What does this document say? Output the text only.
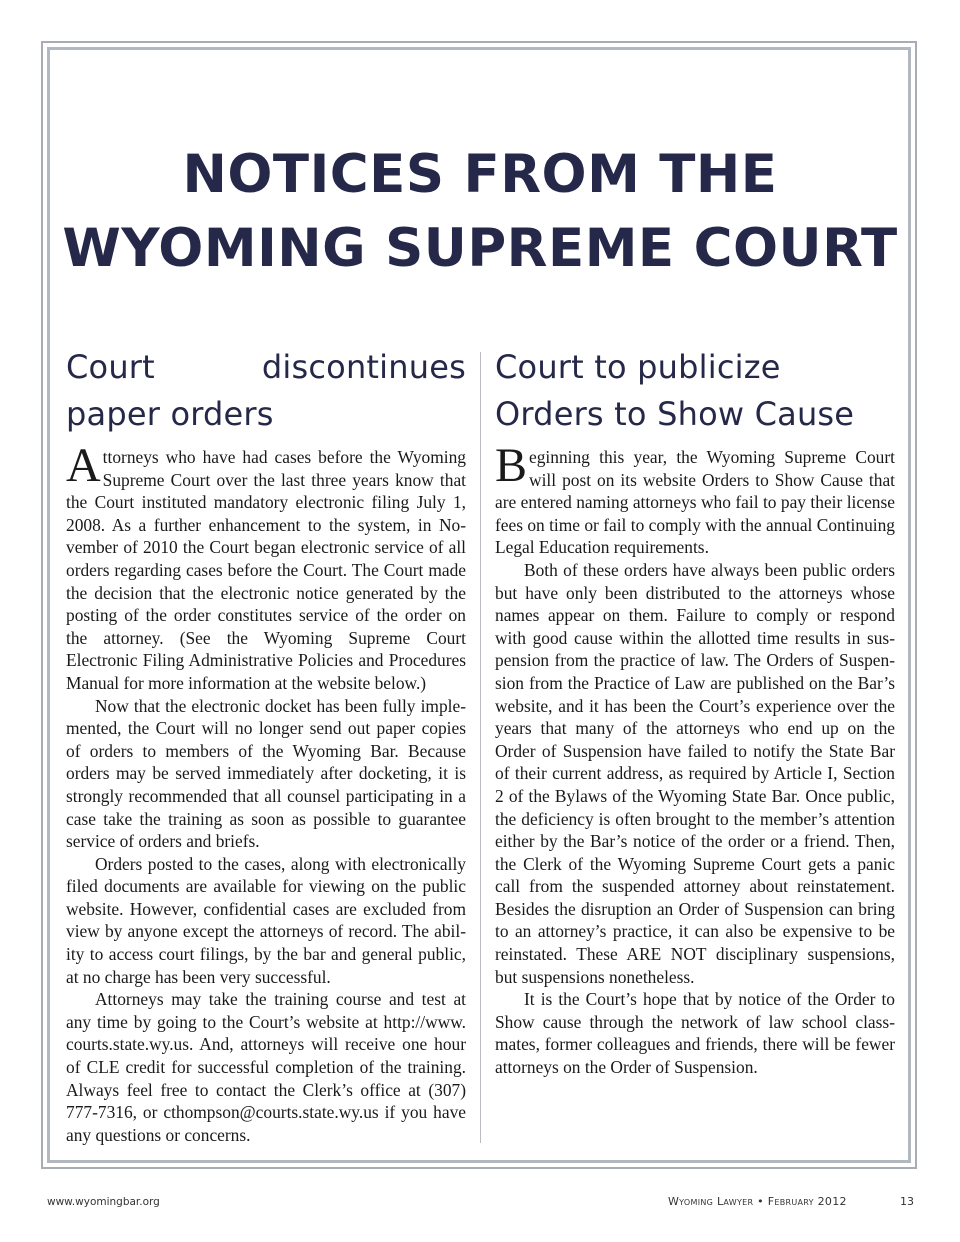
NOTICES FROM THE
WYOMING SUPREME COURT
Court discontinues paper orders

Attorneys who have had cases before the Wyoming Supreme Court over the last three years know that the Court instituted mandatory electronic filing July 1, 2008. As a further enhancement to the system, in November of 2010 the Court began electronic service of all orders regarding cases before the Court. The Court made the decision that the electronic notice generated by the posting of the order constitutes service of the order on the attorney. (See the Wyoming Supreme Court Electronic Filing Administrative Policies and Procedures Manual for more information at the website below.)

Now that the electronic docket has been fully implemented, the Court will no longer send out paper copies of orders to members of the Wyoming Bar. Because orders may be served immediately after docketing, it is strongly recommended that all counsel participating in a case take the training as soon as possible to guarantee service of orders and briefs.

Orders posted to the cases, along with electronically filed documents are available for viewing on the public website. However, confidential cases are excluded from view by anyone except the attorneys of record. The ability to access court filings, by the bar and general public, at no charge has been very successful.

Attorneys may take the training course and test at any time by going to the Court’s website at http://www. courts.state.wy.us. And, attorneys will receive one hour of CLE credit for successful completion of the training. Always feel free to contact the Clerk’s office at (307) 777-7316, or cthompson@courts.state.wy.us if you have any questions or concerns.

Court to publicize Orders to Show Cause

Beginning this year, the Wyoming Supreme Court will post on its website Orders to Show Cause that are entered naming attorneys who fail to pay their license fees on time or fail to comply with the annual Continuing Legal Education requirements.

Both of these orders have always been public orders but have only been distributed to the attorneys whose names appear on them. Failure to comply or respond with good cause within the allotted time results in suspension from the practice of law. The Orders of Suspension from the Practice of Law are published on the Bar’s website, and it has been the Court’s experience over the years that many of the attorneys who end up on the Order of Suspension have failed to notify the State Bar of their current address, as required by Article I, Section 2 of the Bylaws of the Wyoming State Bar. Once public, the deficiency is often brought to the member’s attention either by the Bar’s notice of the order or a friend. Then, the Clerk of the Wyoming Supreme Court gets a panic call from the suspended attorney about reinstatement. Besides the disruption an Order of Suspension can bring to an attorney’s practice, it can also be expensive to be reinstated. These ARE NOT disciplinary suspensions, but suspensions nonetheless.

It is the Court’s hope that by notice of the Order to Show cause through the network of law school classmates, former colleagues and friends, there will be fewer attorneys on the Order of Suspension.

www.wyomingbar.org	Wyoming Lawyer • February 2012	13
